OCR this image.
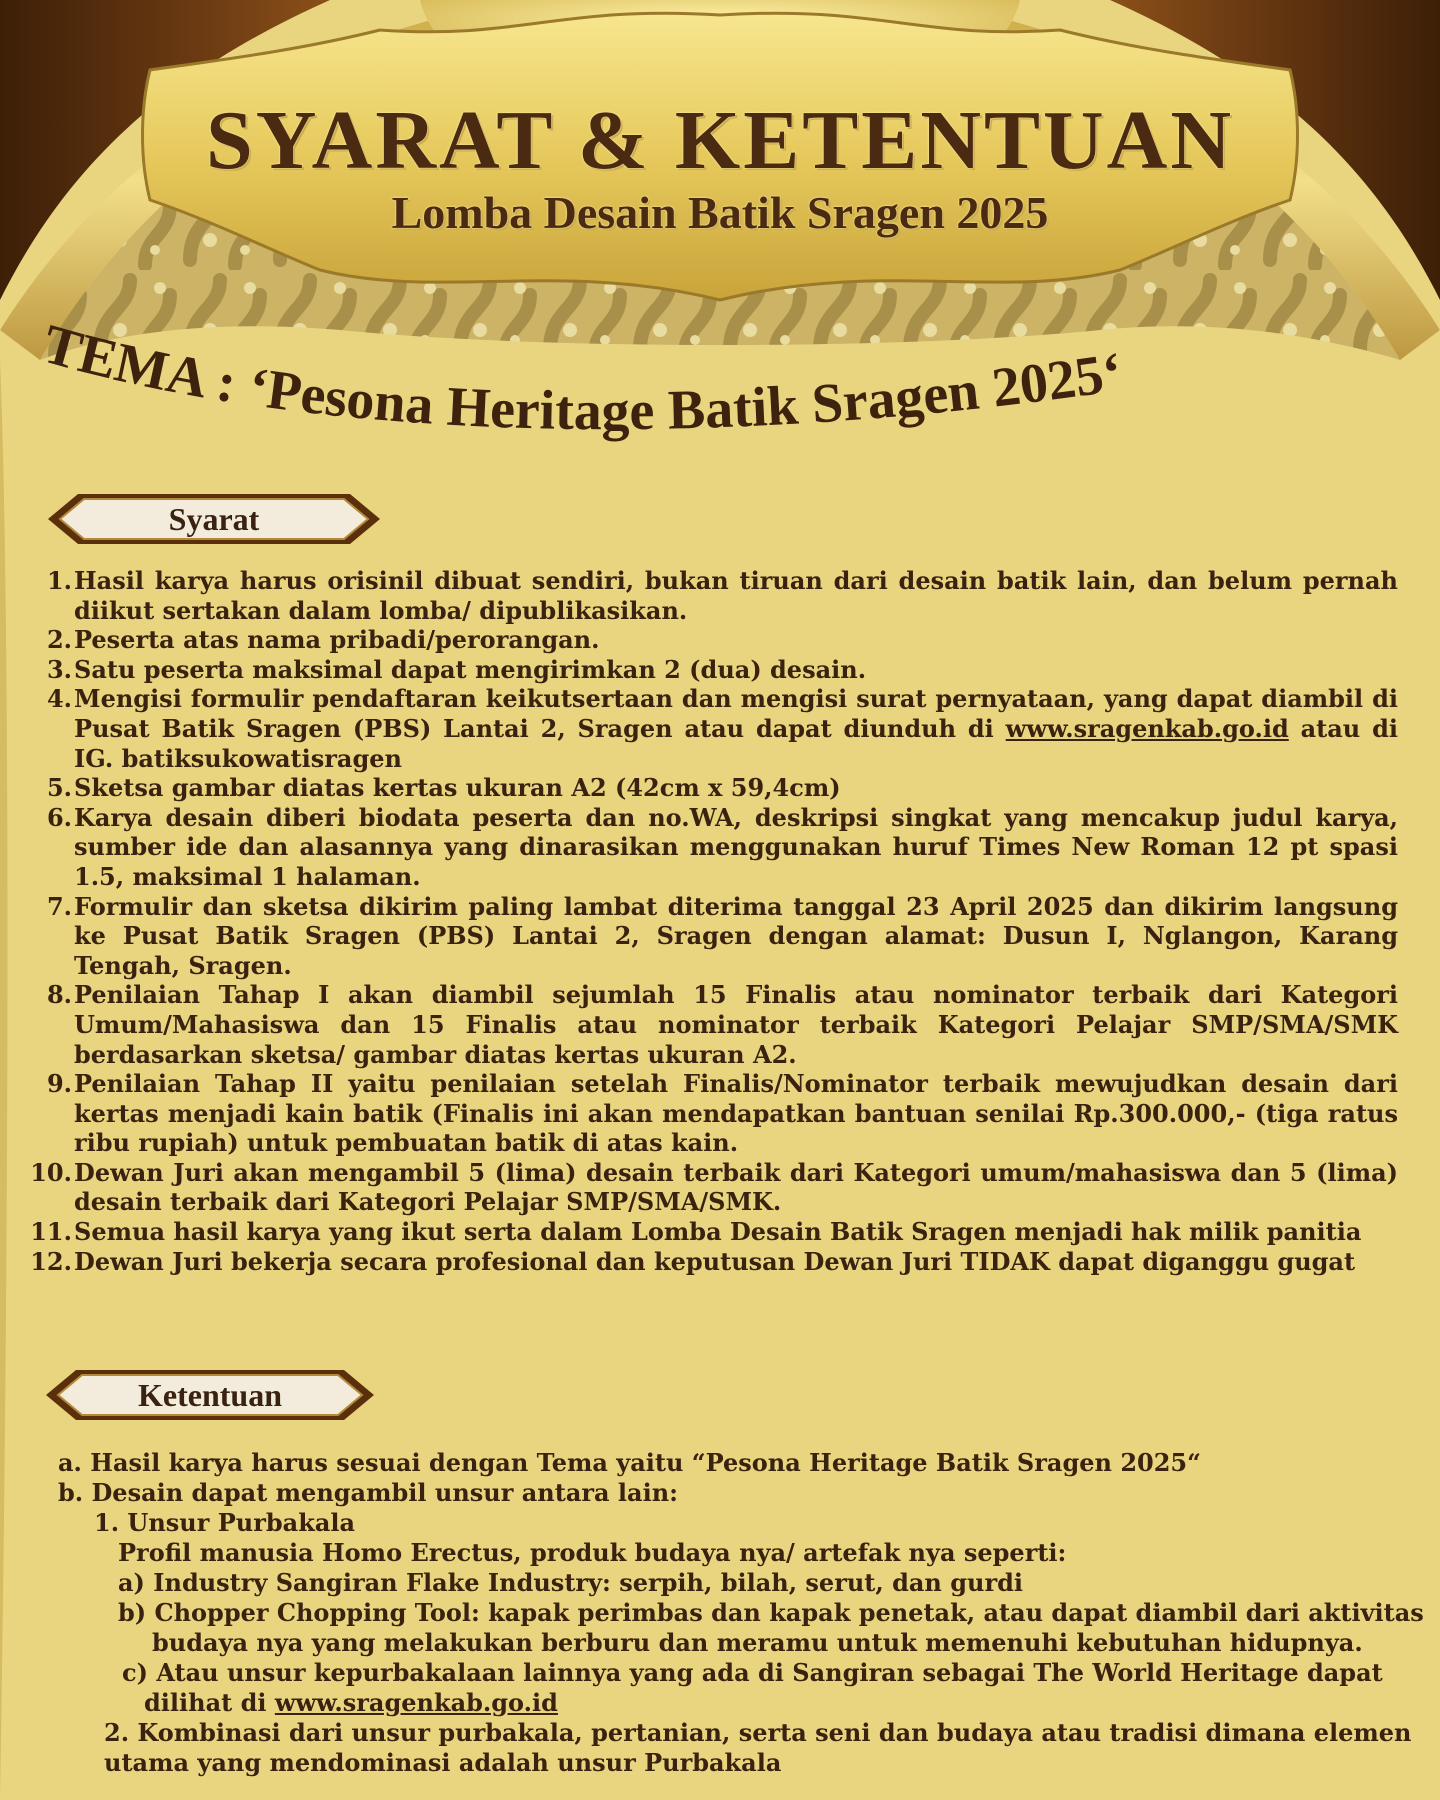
SYARAT & KETENTUAN
Lomba Desain Batik Sragen 2025
TEMA : ‘Pesona Heritage Batik Sragen 2025‘
Syarat
1. Hasil karya harus orisinil dibuat sendiri, bukan tiruan dari desain batik lain, dan belum pernah diikut sertakan dalam lomba/ dipublikasikan.
2. Peserta atas nama pribadi/perorangan.
3. Satu peserta maksimal dapat mengirimkan 2 (dua) desain.
4. Mengisi formulir pendaftaran keikutsertaan dan mengisi surat pernyataan, yang dapat diambil di Pusat Batik Sragen (PBS) Lantai 2, Sragen atau dapat diunduh di www.sragenkab.go.id atau di IG. batiksukowatisragen
5. Sketsa gambar diatas kertas ukuran A2 (42cm x 59,4cm)
6. Karya desain diberi biodata peserta dan no.WA, deskripsi singkat yang mencakup judul karya, sumber ide dan alasannya yang dinarasikan menggunakan huruf Times New Roman 12 pt spasi 1.5, maksimal 1 halaman.
7. Formulir dan sketsa dikirim paling lambat diterima tanggal 23 April 2025 dan dikirim langsung ke Pusat Batik Sragen (PBS) Lantai 2, Sragen dengan alamat: Dusun I, Nglangon, Karang Tengah, Sragen.
8. Penilaian Tahap I akan diambil sejumlah 15 Finalis atau nominator terbaik dari Kategori Umum/Mahasiswa dan 15 Finalis atau nominator terbaik Kategori Pelajar SMP/SMA/SMK berdasarkan sketsa/ gambar diatas kertas ukuran A2.
9. Penilaian Tahap II yaitu penilaian setelah Finalis/Nominator terbaik mewujudkan desain dari kertas menjadi kain batik (Finalis ini akan mendapatkan bantuan senilai Rp.300.000,- (tiga ratus ribu rupiah) untuk pembuatan batik di atas kain.
10. Dewan Juri akan mengambil 5 (lima) desain terbaik dari Kategori umum/mahasiswa dan 5 (lima) desain terbaik dari Kategori Pelajar SMP/SMA/SMK.
11. Semua hasil karya yang ikut serta dalam Lomba Desain Batik Sragen menjadi hak milik panitia
12. Dewan Juri bekerja secara profesional dan keputusan Dewan Juri TIDAK dapat diganggu gugat
Ketentuan
a. Hasil karya harus sesuai dengan Tema yaitu “Pesona Heritage Batik Sragen 2025“
b. Desain dapat mengambil unsur antara lain:
1. Unsur Purbakala
Profil manusia Homo Erectus, produk budaya nya/ artefak nya seperti:
a) Industry Sangiran Flake Industry: serpih, bilah, serut, dan gurdi
b) Chopper Chopping Tool: kapak perimbas dan kapak penetak, atau dapat diambil dari aktivitas
budaya nya yang melakukan berburu dan meramu untuk memenuhi kebutuhan hidupnya.
c) Atau unsur kepurbakalaan lainnya yang ada di Sangiran sebagai The World Heritage dapat
dilihat di www.sragenkab.go.id
2. Kombinasi dari unsur purbakala, pertanian, serta seni dan budaya atau tradisi dimana elemen
utama yang mendominasi adalah unsur Purbakala
